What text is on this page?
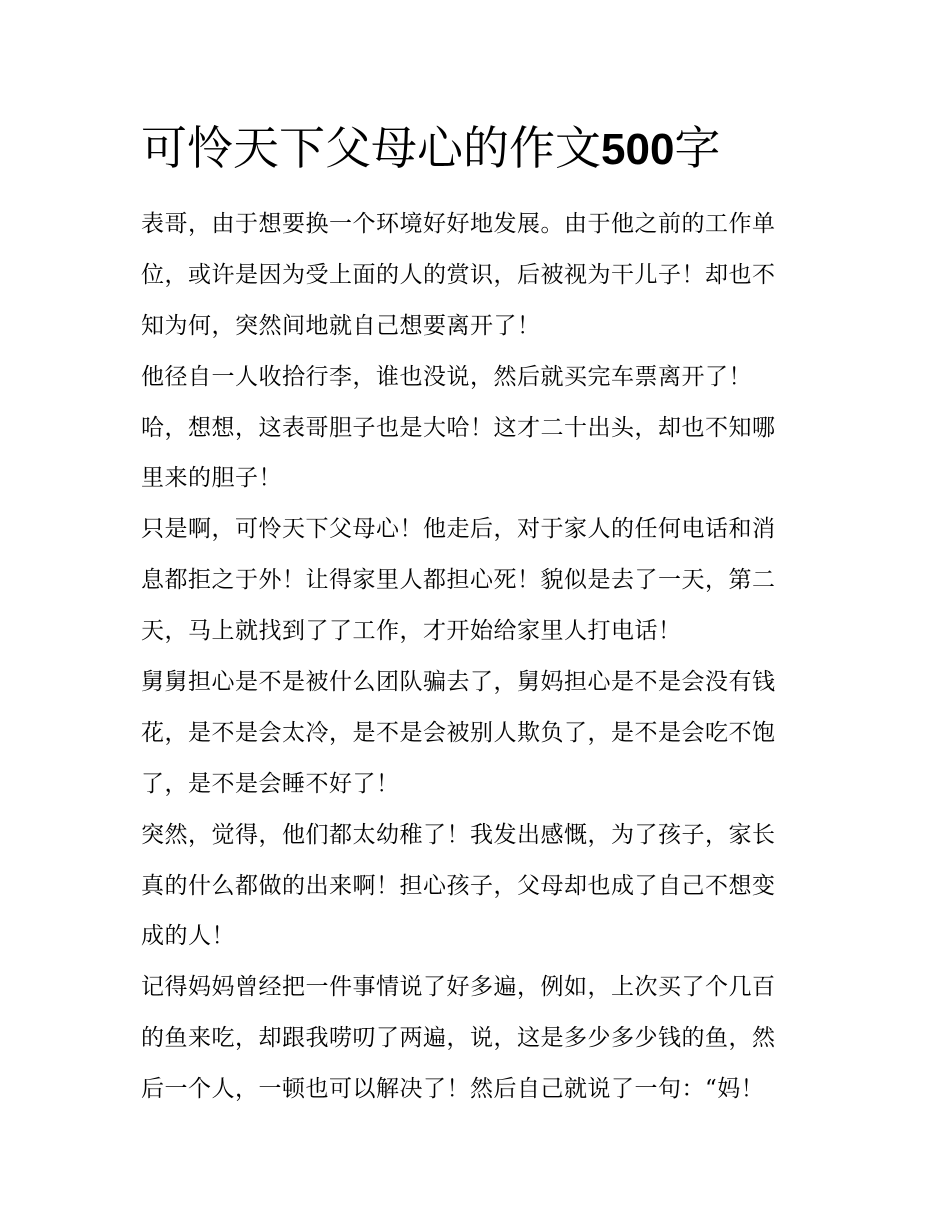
可怜天下父母心的作文500字
表哥，由于想要换一个环境好好地发展。由于他之前的工作单
位，或许是因为受上面的人的赏识，后被视为干儿子！却也不
知为何，突然间地就自己想要离开了！
他径自一人收拾行李，谁也没说，然后就买完车票离开了！
哈，想想，这表哥胆子也是大哈！这才二十出头，却也不知哪
里来的胆子！
只是啊，可怜天下父母心！他走后，对于家人的任何电话和消
息都拒之于外！让得家里人都担心死！貌似是去了一天，第二
天，马上就找到了了工作，才开始给家里人打电话！
舅舅担心是不是被什么团队骗去了，舅妈担心是不是会没有钱
花，是不是会太冷，是不是会被别人欺负了，是不是会吃不饱
了，是不是会睡不好了！
突然，觉得，他们都太幼稚了！我发出感慨，为了孩子，家长
真的什么都做的出来啊！担心孩子，父母却也成了自己不想变
成的人！
记得妈妈曾经把一件事情说了好多遍，例如，上次买了个几百
的鱼来吃，却跟我唠叨了两遍，说，这是多少多少钱的鱼，然
后一个人，一顿也可以解决了！然后自己就说了一句：“妈！
